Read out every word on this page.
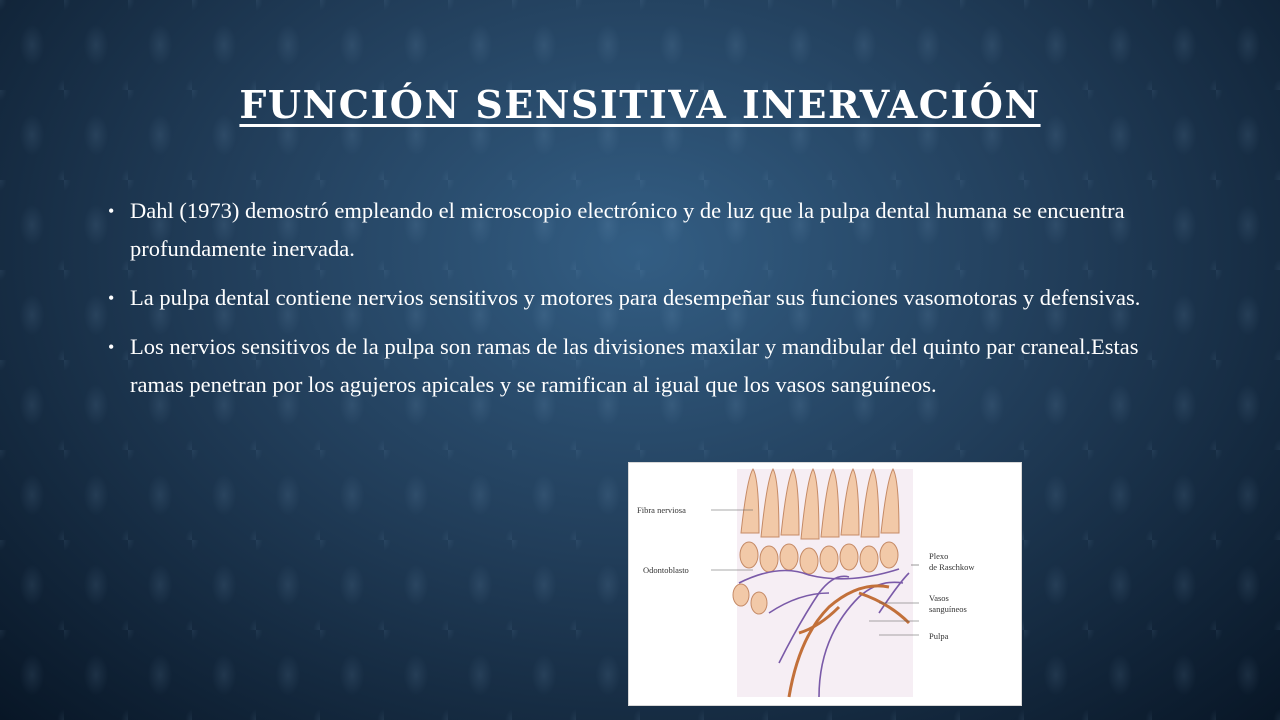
FUNCIÓN SENSITIVA INERVACIÓN
• Dahl (1973) demostró empleando el microscopio electrónico y de luz que la pulpa dental humana se encuentra profundamente inervada.
• La pulpa dental contiene nervios sensitivos y motores para desempeñar sus funciones vasomotoras y defensivas.
• Los nervios sensitivos de la pulpa son ramas de las divisiones maxilar y mandibular del quinto par craneal.Estas ramas penetran por los agujeros apicales y se ramifican al igual que los vasos sanguíneos.
Fibra nerviosa
Odontoblasto
Plexo
de Raschkow
Vasos
sanguíneos
Pulpa
